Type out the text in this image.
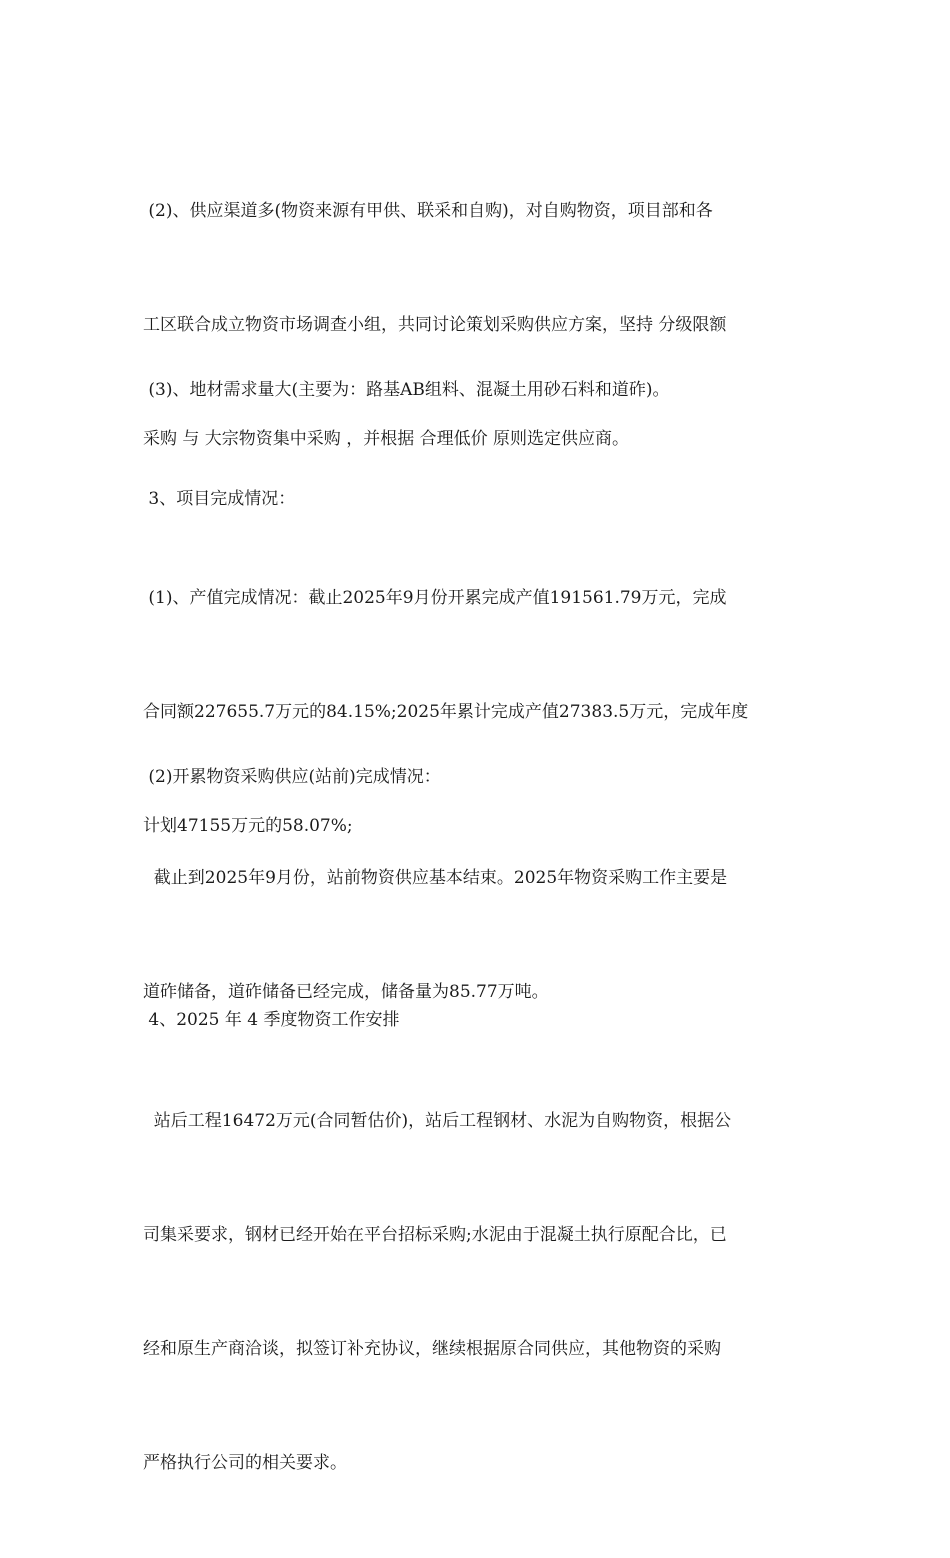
(2)、供应渠道多(物资来源有甲供、联采和自购)，对自购物资，项目部和各

工区联合成立物资市场调查小组，共同讨论策划采购供应方案，坚持 分级限额

采购 与 大宗物资集中采购 ，并根据 合理低价 原则选定供应商。

(3)、地材需求量大(主要为：路基AB组料、混凝土用砂石料和道砟)。

3、项目完成情况：

(1)、产值完成情况：截止2025年9月份开累完成产值191561.79万元，完成

合同额227655.7万元的84.15%;2025年累计完成产值27383.5万元，完成年度

计划47155万元的58.07%;

(2)开累物资采购供应(站前)完成情况：

截止到2025年9月份，站前物资供应基本结束。2025年物资采购工作主要是

道砟储备，道砟储备已经完成，储备量为85.77万吨。

4、2025 年 4 季度物资工作安排

站后工程16472万元(合同暂估价)，站后工程钢材、水泥为自购物资，根据公

司集采要求，钢材已经开始在平台招标采购;水泥由于混凝土执行原配合比，已

经和原生产商洽谈，拟签订补充协议，继续根据原合同供应，其他物资的采购

严格执行公司的相关要求。
